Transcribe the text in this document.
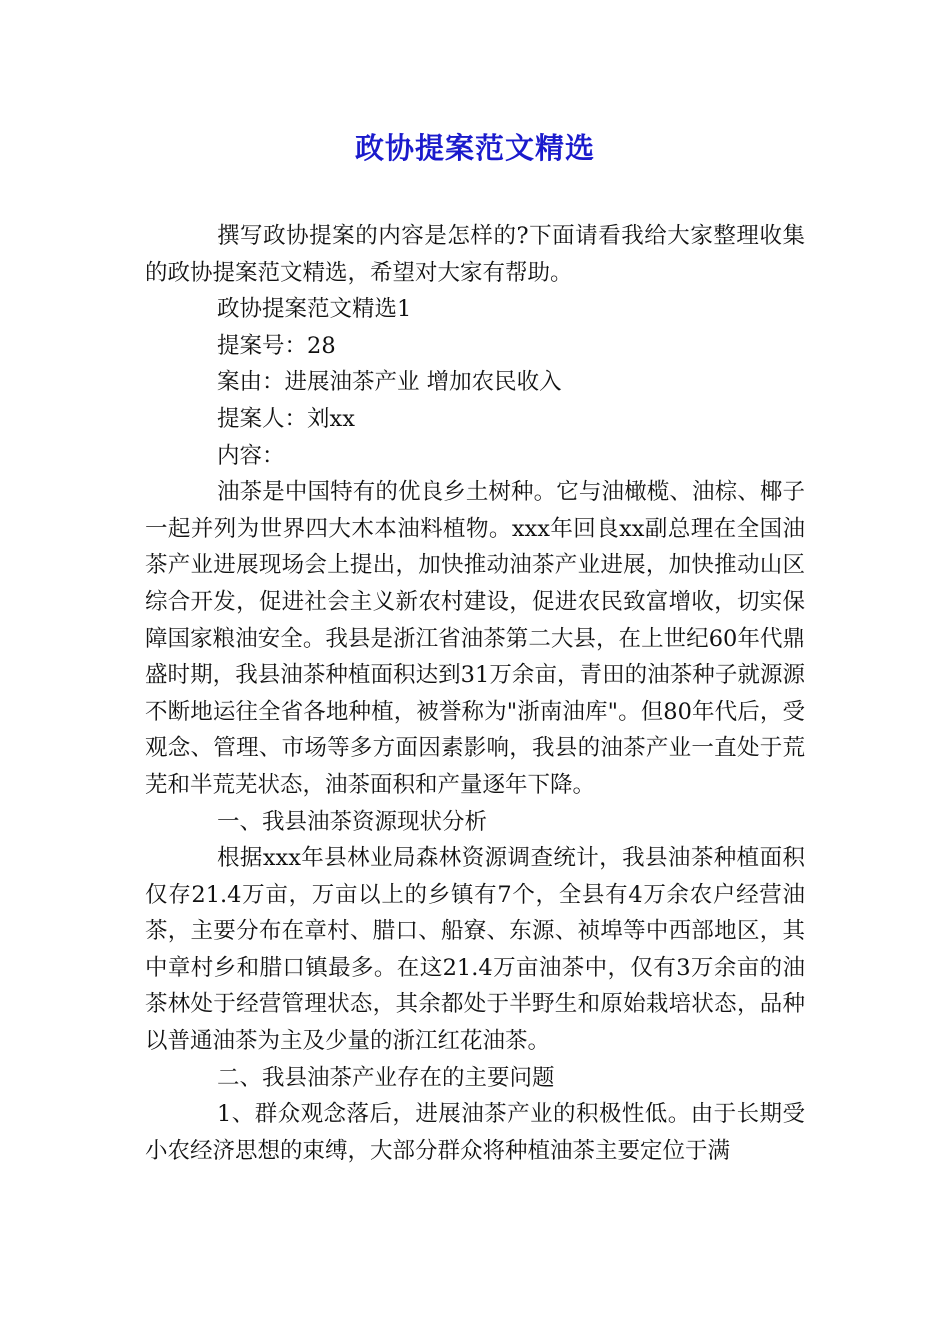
政协提案范文精选

撰写政协提案的内容是怎样的?下面请看我给大家整理收集的政协提案范文精选，希望对大家有帮助。

政协提案范文精选1

提案号：28

案由：进展油茶产业 增加农民收入

提案人：刘xx

内容：

油茶是中国特有的优良乡土树种。它与油橄榄、油棕、椰子一起并列为世界四大木本油料植物。xxx年回良xx副总理在全国油茶产业进展现场会上提出，加快推动油茶产业进展，加快推动山区综合开发，促进社会主义新农村建设，促进农民致富增收，切实保障国家粮油安全。我县是浙江省油茶第二大县，在上世纪60年代鼎盛时期，我县油茶种植面积达到31万余亩，青田的油茶种子就源源不断地运往全省各地种植，被誉称为"浙南油库"。但80年代后，受观念、管理、市场等多方面因素影响，我县的油茶产业一直处于荒芜和半荒芜状态，油茶面积和产量逐年下降。

一、我县油茶资源现状分析

根据xxx年县林业局森林资源调查统计，我县油茶种植面积仅存21.4万亩，万亩以上的乡镇有7个，全县有4万余农户经营油茶，主要分布在章村、腊口、船寮、东源、祯埠等中西部地区，其中章村乡和腊口镇最多。在这21.4万亩油茶中，仅有3万余亩的油茶林处于经营管理状态，其余都处于半野生和原始栽培状态，品种以普通油茶为主及少量的浙江红花油茶。

二、我县油茶产业存在的主要问题

1、群众观念落后，进展油茶产业的积极性低。由于长期受小农经济思想的束缚，大部分群众将种植油茶主要定位于满
